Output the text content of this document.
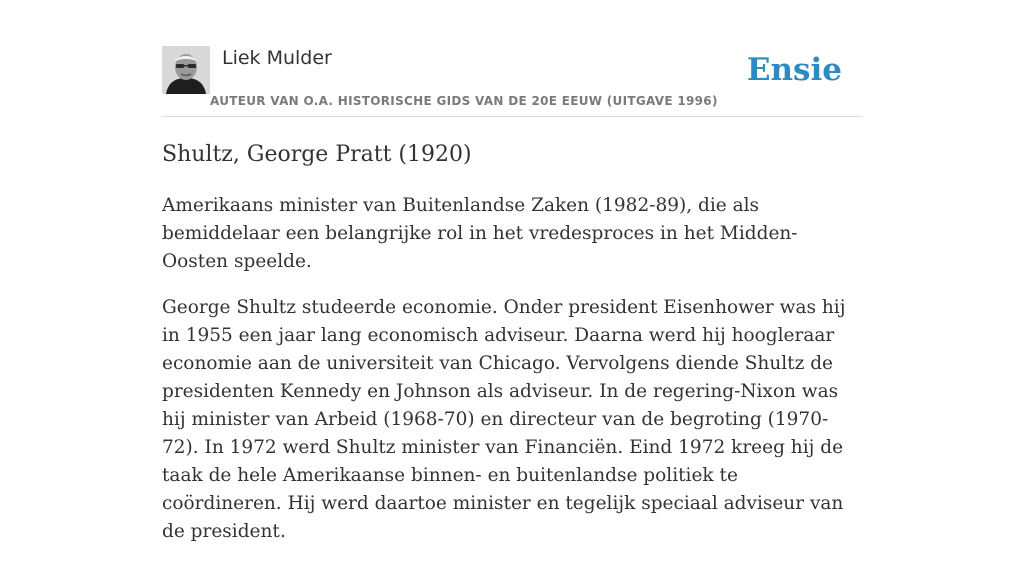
Liek Mulder
AUTEUR VAN O.A. HISTORISCHE GIDS VAN DE 20E EEUW (UITGAVE 1996)
Ensie
Shultz, George Pratt (1920)

Amerikaans minister van Buitenlandse Zaken (1982-89), die als bemiddelaar een belangrijke rol in het vredesproces in het Midden-Oosten speelde.

George Shultz studeerde economie. Onder president Eisenhower was hij in 1955 een jaar lang economisch adviseur. Daarna werd hij hoogleraar economie aan de universiteit van Chicago. Vervolgens diende Shultz de presidenten Kennedy en Johnson als adviseur. In de regering-Nixon was hij minister van Arbeid (1968-70) en directeur van de begroting (1970-72). In 1972 werd Shultz minister van Financiën. Eind 1972 kreeg hij de taak de hele Amerikaanse binnen- en buitenlandse politiek te coördineren. Hij werd daartoe minister en tegelijk speciaal adviseur van de president.
